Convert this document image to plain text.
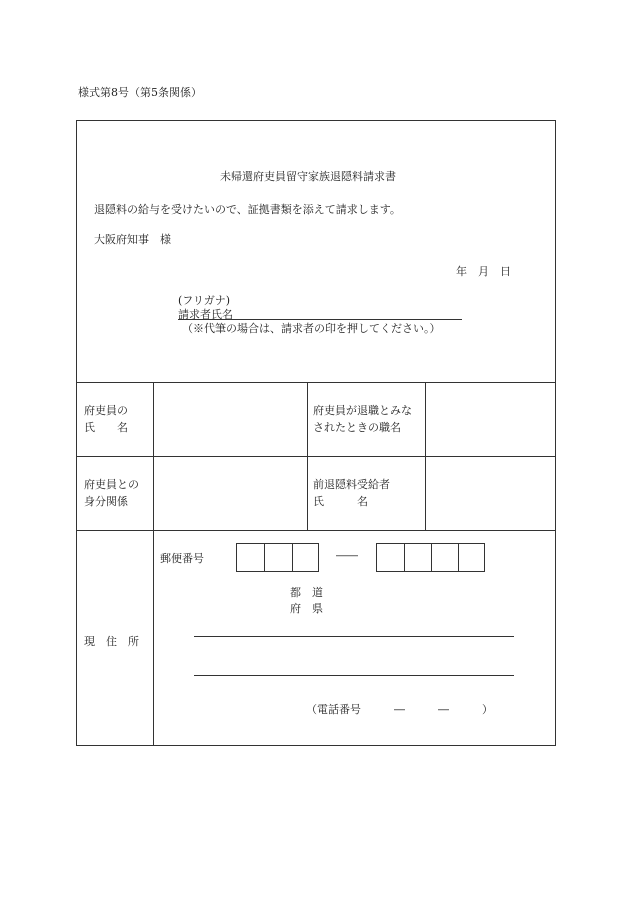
様式第8号（第5条関係）
未帰還府吏員留守家族退隠料請求書
退隠料の給与を受けたいので、証拠書類を添えて請求します。
大阪府知事　様
年　月　日
(フリガナ)
請求者氏名
（※代筆の場合は、請求者の印を押してください。）
府吏員の
氏　　名
府吏員が退職とみな
されたときの職名
府吏員との
身分関係
前退隠料受給者
氏　　　名
現　住　所
郵便番号	――
都　道
府　県
（電話番号　　　―　　　―　　　）
